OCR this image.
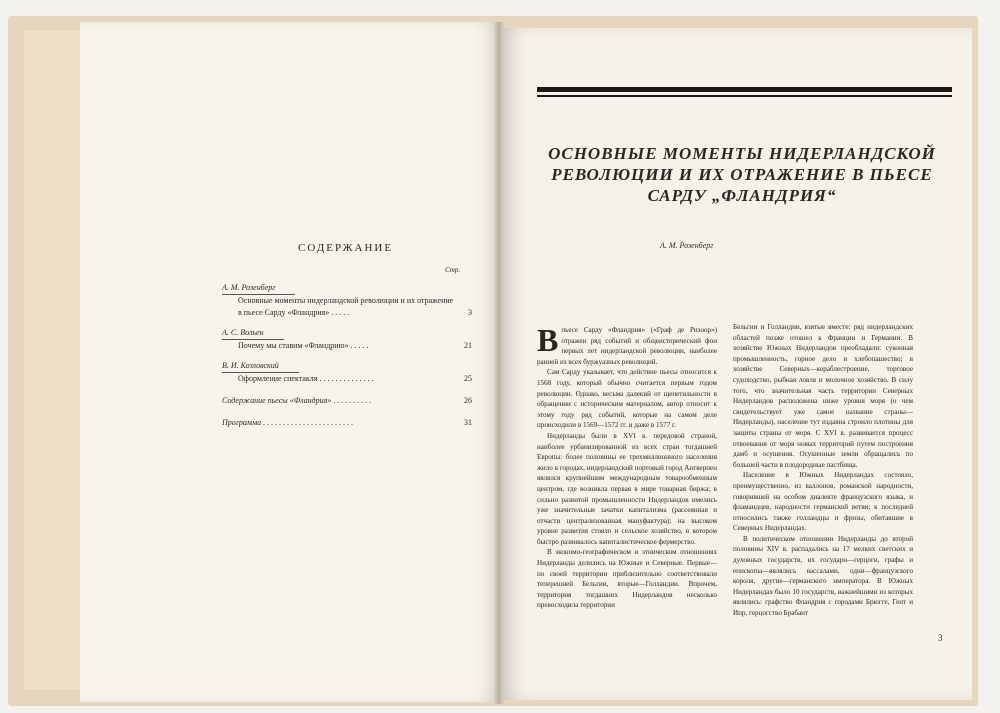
СОДЕРЖАНИЕ
Стр.
А. М. Розенберг
Основные моменты нидерландской революции и их отражение в пьесе Сарду «Фландрия» . . . . .	3
А. С. Вольен
Почему мы ставим «Фландрию» . . . . .	21
В. И. Козловский
Оформление спектакля . . . . . . . . . . . . . .	25
Содержание пьесы «Фландрия» . . . . . . . . . .	26
Программа . . . . . . . . . . . . . . . . . . . . . . .	31
ОСНОВНЫЕ МОМЕНТЫ НИДЕРЛАНДСКОЙ РЕВОЛЮЦИИ И ИХ ОТРАЖЕНИЕ В ПЬЕСЕ САРДУ „ФЛАНДРИЯ“
А. М. Розенберг

Впьесе Сарду «Фландрия» («Граф де Ризоор») отражен ряд событий и общеисторический фон первых лет нидерландской революции, наиболее ранней из всех буржуазных революций.

Сам Сарду указывает, что действие пьесы относится к 1568 году, который обычно считается первым годом революции. Однако, весьма далекий от щепетильности в обращении с историческим материалом, автор относит к этому году ряд событий, которые на самом деле происходили в 1569—1572 гг. и даже в 1577 г.

Нидерланды были в XVI в. передовой страной, наиболее урбанизированной из всех стран тогдашней Европы: более половины ее трехмиллионного населения жило в городах, нидерландский портовый город Антверпен являлся крупнейшим международным товарообменным центром, где возникла первая в мире товарная биржа; в сильно развитой промышленности Нидерландов имелись уже значительные зачатки капитализма (рассеянная и отчасти централизованная мануфактура); на высоком уровне развития стояло и сельское хозяйство, в котором быстро развивалось капиталистическое фермерство.

В экономо-географическом и этническом отношениях Нидерланды делились на Южные и Северные. Первые—по своей территории приблизительно соответствовали теперешней Бельгии, вторые—Голландии. Впрочем, территория тогдашних Нидерландов несколько превосходила территории

Бельгии и Голландии, взятые вместе: ряд нидерландских областей позже отошел к Франции и Германии. В хозяйстве Южных Нидерландов преобладали: суконная промышленность, горное дело и хлебопашество; в хозяйстве Северных—кораблестроение, торговое судоходство, рыбная ловля и молочное хозяйство. В силу того, что значительная часть территории Северных Нидерландов расположена ниже уровня моря (о чем свидетельствует уже самое название страны—Нидерланды), население тут издавна строило плотины для защиты страны от моря. С XVI в. развивается процесс отвоевания от моря новых территорий путем построения дамб и осушения. Осушенные земли обращались по большей части в плодородные пастбища.

Население в Южных Нидерландах состояло, преимущественно, из валлонов, романской народности, говорившей на особом диалекте французского языка, и фламандцев, народности германской ветви; к последней относились также голландцы и фризы, обитавшие в Северных Нидерландах.

В политическом отношении Нидерланды до второй половины XIV в. распадались на 17 мелких светских и духовных государств, их государи—герцоги, графы и епископы—являлись вассалами, одни—французского короля, другие—германского императора. В Южных Нидерландах было 10 государств, важнейшими из которых являлись: графство Фландрия с городами Брюгге, Гент и Ипр, герцогство Брабант

3
